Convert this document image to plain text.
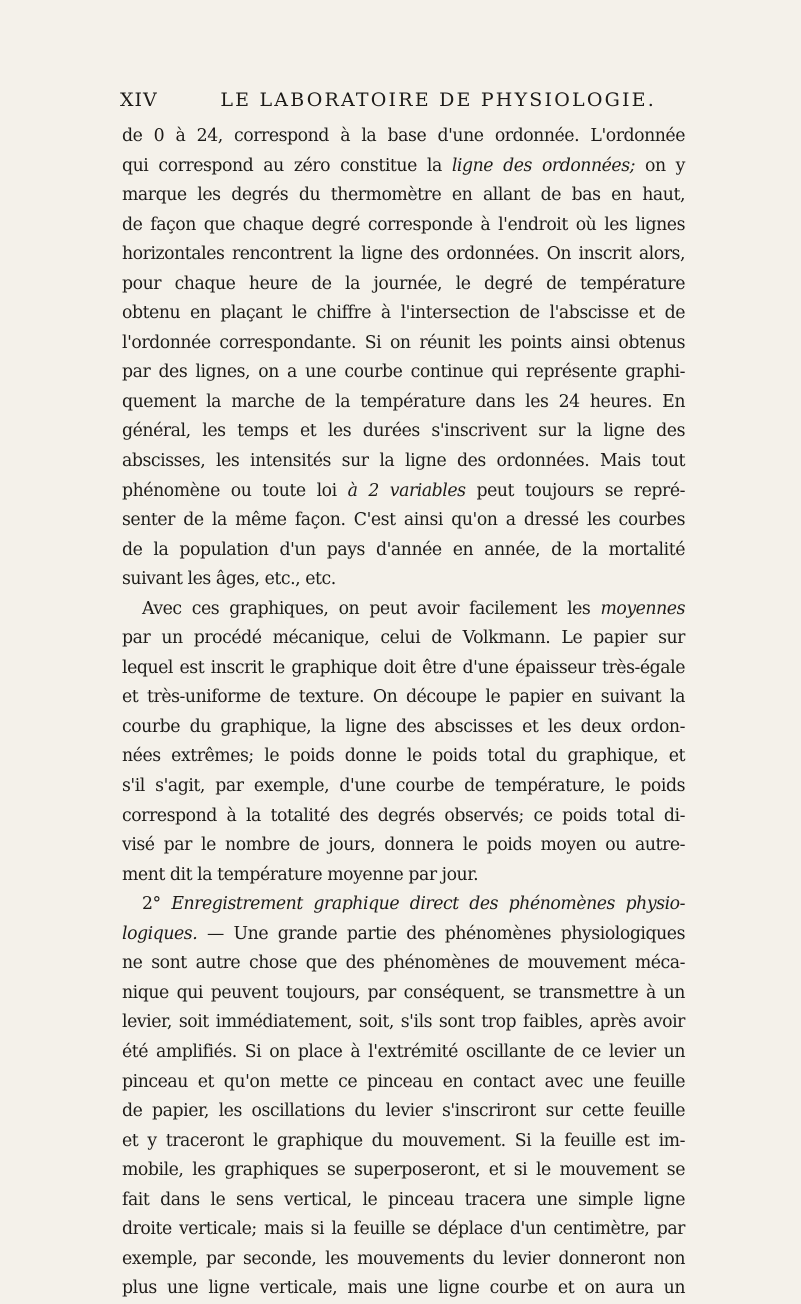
XIV	LE LABORATOIRE DE PHYSIOLOGIE.
de 0 à 24, correspond à la base d'une ordonnée. L'ordonnée
qui correspond au zéro constitue la ligne des ordonnées; on y
marque les degrés du thermomètre en allant de bas en haut,
de façon que chaque degré corresponde à l'endroit où les lignes
horizontales rencontrent la ligne des ordonnées. On inscrit alors,
pour chaque heure de la journée, le degré de température
obtenu en plaçant le chiffre à l'intersection de l'abscisse et de
l'ordonnée correspondante. Si on réunit les points ainsi obtenus
par des lignes, on a une courbe continue qui représente graphi-
quement la marche de la température dans les 24 heures. En
général, les temps et les durées s'inscrivent sur la ligne des
abscisses, les intensités sur la ligne des ordonnées. Mais tout
phénomène ou toute loi à 2 variables peut toujours se repré-
senter de la même façon. C'est ainsi qu'on a dressé les courbes
de la population d'un pays d'année en année, de la mortalité
suivant les âges, etc., etc.
Avec ces graphiques, on peut avoir facilement les moyennes
par un procédé mécanique, celui de Volkmann. Le papier sur
lequel est inscrit le graphique doit être d'une épaisseur très-égale
et très-uniforme de texture. On découpe le papier en suivant la
courbe du graphique, la ligne des abscisses et les deux ordon-
nées extrêmes; le poids donne le poids total du graphique, et
s'il s'agit, par exemple, d'une courbe de température, le poids
correspond à la totalité des degrés observés; ce poids total di-
visé par le nombre de jours, donnera le poids moyen ou autre-
ment dit la température moyenne par jour.
2° Enregistrement graphique direct des phénomènes physio-
logiques. — Une grande partie des phénomènes physiologiques
ne sont autre chose que des phénomènes de mouvement méca-
nique qui peuvent toujours, par conséquent, se transmettre à un
levier, soit immédiatement, soit, s'ils sont trop faibles, après avoir
été amplifiés. Si on place à l'extrémité oscillante de ce levier un
pinceau et qu'on mette ce pinceau en contact avec une feuille
de papier, les oscillations du levier s'inscriront sur cette feuille
et y traceront le graphique du mouvement. Si la feuille est im-
mobile, les graphiques se superposeront, et si le mouvement se
fait dans le sens vertical, le pinceau tracera une simple ligne
droite verticale; mais si la feuille se déplace d'un centimètre, par
exemple, par seconde, les mouvements du levier donneront non
plus une ligne verticale, mais une ligne courbe et on aura un
